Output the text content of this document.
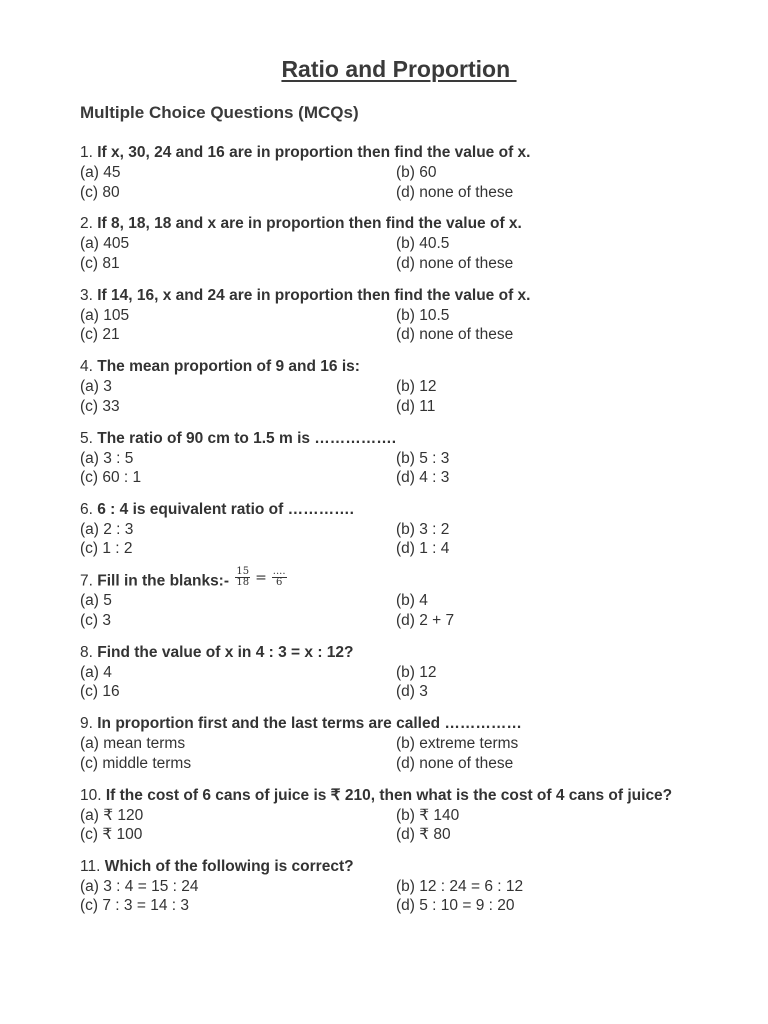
Ratio and Proportion
Multiple Choice Questions (MCQs)
1. If x, 30, 24 and 16 are in proportion then find the value of x.
(a) 45	(b) 60
(c) 80	(d) none of these
2. If 8, 18, 18 and x are in proportion then find the value of x.
(a) 405	(b) 40.5
(c) 81	(d) none of these
3. If 14, 16, x and 24 are in proportion then find the value of x.
(a) 105	(b) 10.5
(c) 21	(d) none of these
4. The mean proportion of 9 and 16 is:
(a) 3	(b) 12
(c) 33	(d) 11
5. The ratio of 90 cm to 1.5 m is …………….
(a) 3 : 5	(b) 5 : 3
(c) 60 : 1	(d) 4 : 3
6. 6 : 4 is equivalent ratio of ………….
(a) 2 : 3	(b) 3 : 2
(c) 1 : 2	(d) 1 : 4
7. Fill in the blanks:- $\frac{15}{18} = \frac{....}{6}$
(a) 5	(b) 4
(c) 3	(d) 2 + 7
8. Find the value of x in 4 : 3 = x : 12?
(a) 4	(b) 12
(c) 16	(d) 3
9. In proportion first and the last terms are called ……………
(a) mean terms	(b) extreme terms
(c) middle terms	(d) none of these
10. If the cost of 6 cans of juice is ₹ 210, then what is the cost of 4 cans of juice?
(a) ₹ 120	(b) ₹ 140
(c) ₹ 100	(d) ₹ 80
11. Which of the following is correct?
(a) 3 : 4 = 15 : 24	(b) 12 : 24 = 6 : 12
(c) 7 : 3 = 14 : 3	(d) 5 : 10 = 9 : 20
